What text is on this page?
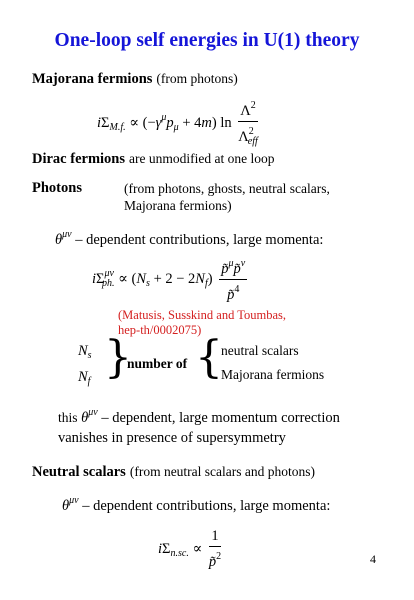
One-loop self energies in U(1) theory
Majorana fermions (from photons)
$i\Sigma_{M.f.} \propto (-\gamma^\mu p_\mu + 4m)$ $\ln \frac{\Lambda^2}{\Lambda^2_{eff}}$
Dirac fermions are unmodified at one loop
Photons	(from photons, ghosts, neutral scalars,
Majorana fermions)
$\theta^{\mu\nu}$ – dependent contributions, large momenta:
$i\Sigma^{\mu\nu}_{ph.} \propto (N_s + 2 - 2N_f) \frac{p̃^\mu p̃^\nu}{p̃^4}$
(Matusis, Susskind and Toumbas,
hep-th/0002075)
$N_s$
$N_f$ }
number of {
neutral scalars
Majorana fermions
this $\theta^{\mu\nu}$ – dependent, large momentum correction
vanishes in presence of supersymmetry
Neutral scalars (from neutral scalars and photons)
$\theta^{\mu\nu}$ – dependent contributions, large momenta:
$i\Sigma_{n.sc.} \propto \frac{1}{p̃^2}$	4
